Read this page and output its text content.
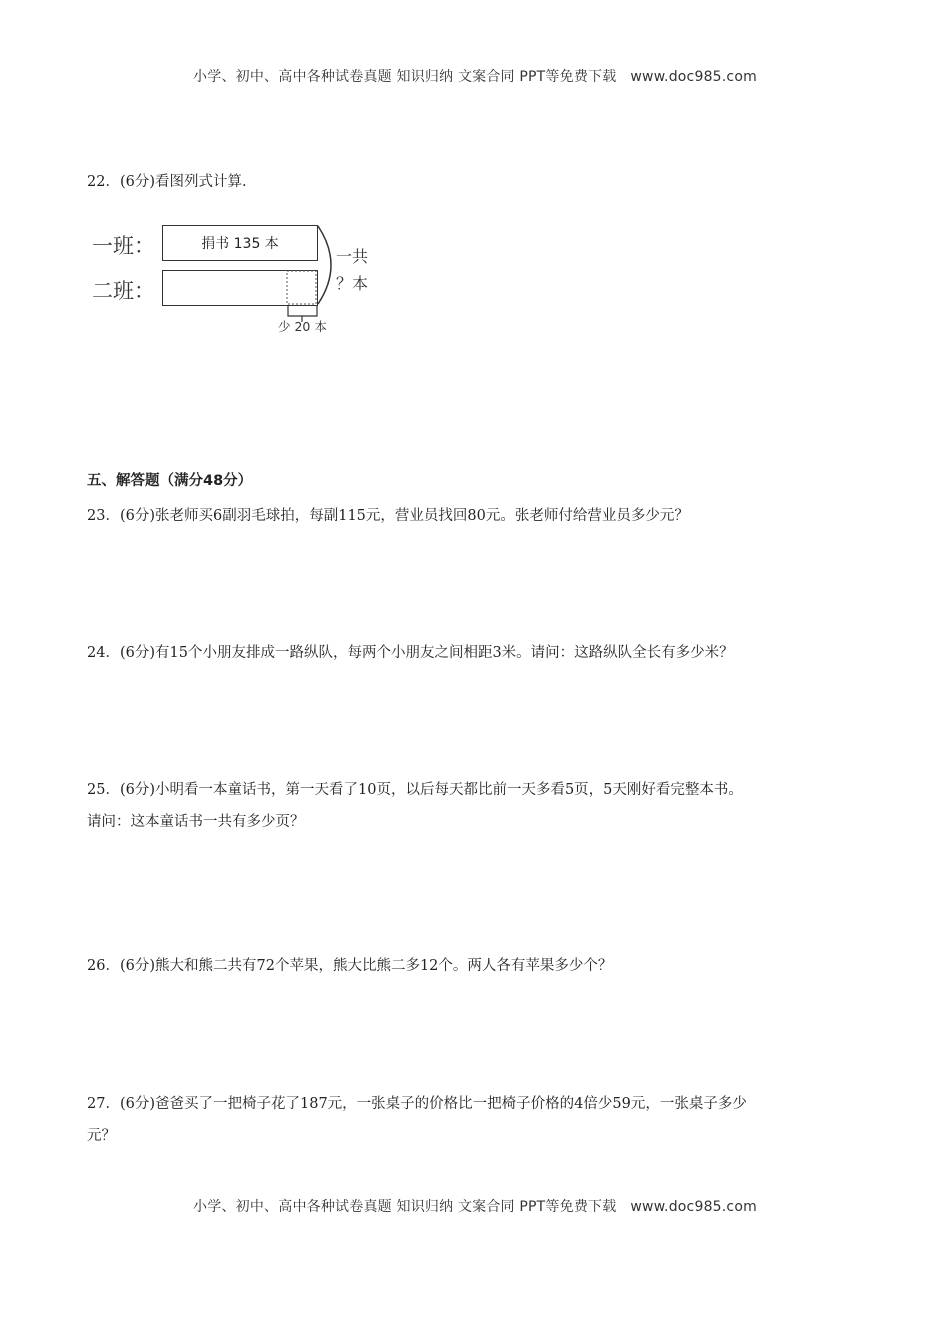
小学、初中、高中各种试卷真题 知识归纳 文案合同 PPT等免费下载 www.doc985.com
22．(6分)看图列式计算.
一班：
二班：
捐书 135 本
一共
？本
少 20 本
五、解答题（满分48分）
23．(6分)张老师买6副羽毛球拍，每副115元，营业员找回80元。张老师付给营业员多少元？
24．(6分)有15个小朋友排成一路纵队，每两个小朋友之间相距3米。请问：这路纵队全长有多少米？
25．(6分)小明看一本童话书，第一天看了10页，以后每天都比前一天多看5页，5天刚好看完整本书。
请问：这本童话书一共有多少页？
26．(6分)熊大和熊二共有72个苹果，熊大比熊二多12个。两人各有苹果多少个？
27．(6分)爸爸买了一把椅子花了187元，一张桌子的价格比一把椅子价格的4倍少59元，一张桌子多少
元？
小学、初中、高中各种试卷真题 知识归纳 文案合同 PPT等免费下载 www.doc985.com
